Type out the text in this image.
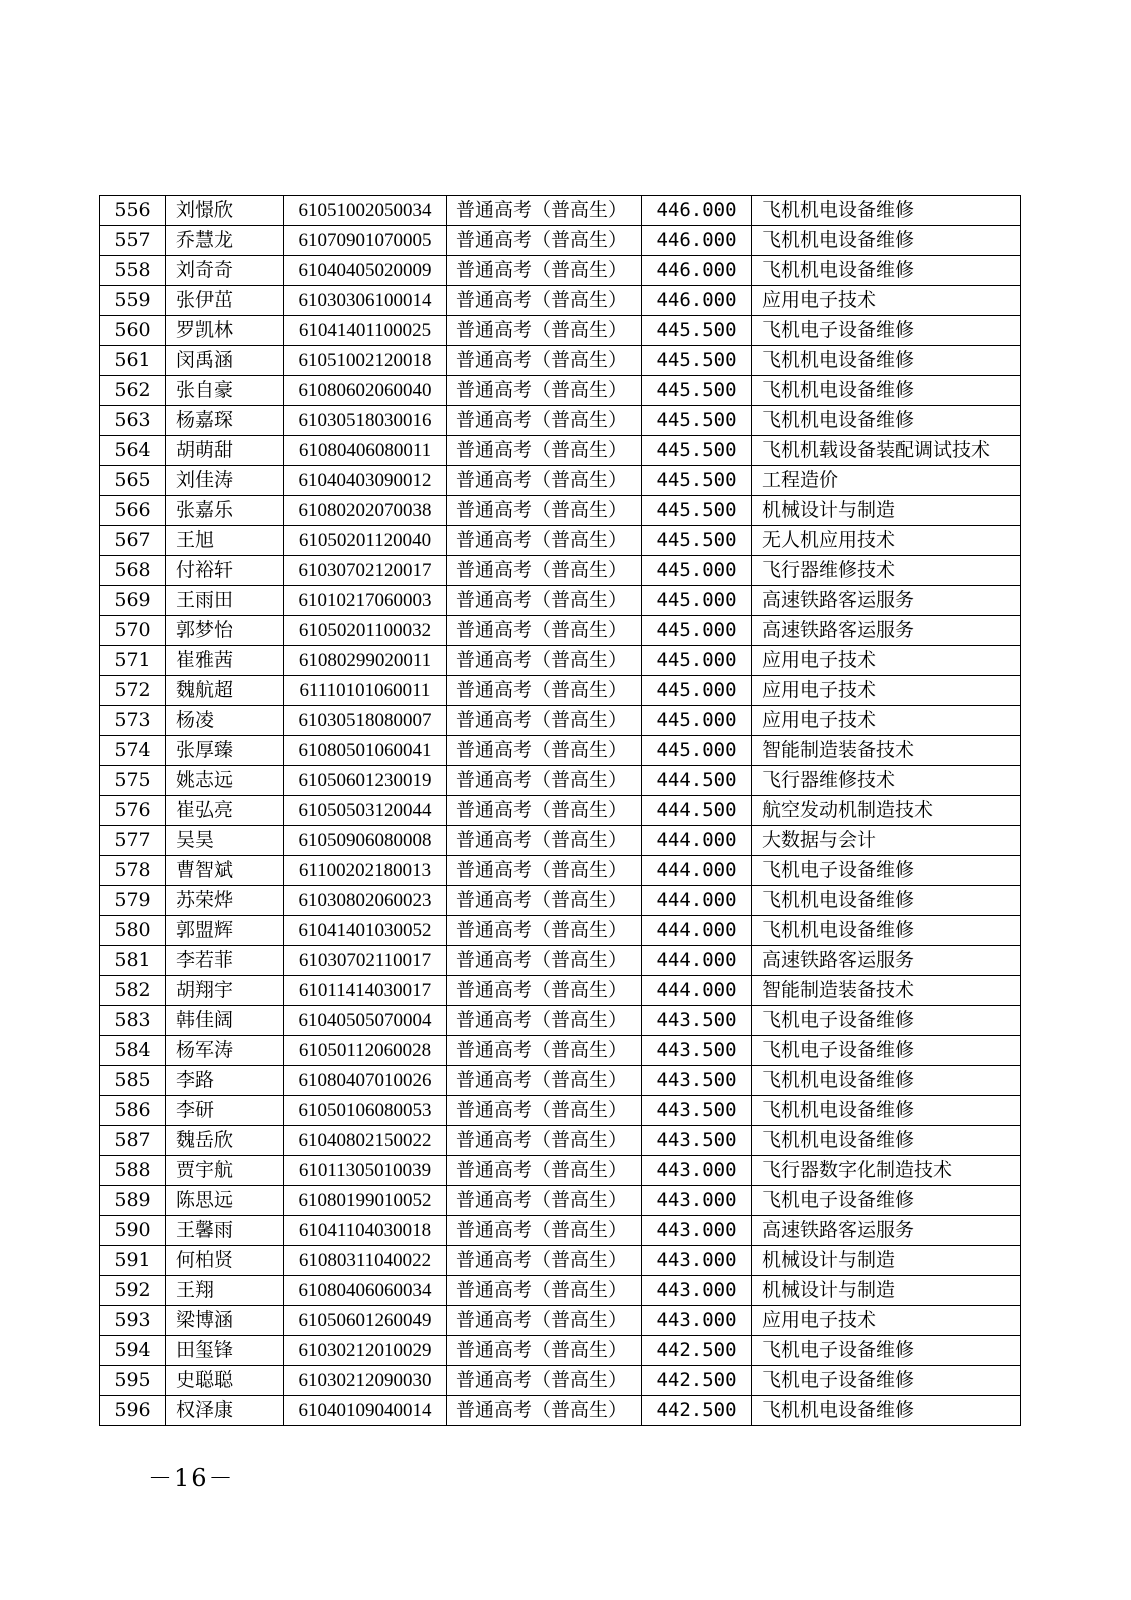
556	刘憬欣	61051002050034	普通高考（普高生）	446.000	飞机机电设备维修
557	乔慧龙	61070901070005	普通高考（普高生）	446.000	飞机机电设备维修
558	刘奇奇	61040405020009	普通高考（普高生）	446.000	飞机机电设备维修
559	张伊茁	61030306100014	普通高考（普高生）	446.000	应用电子技术
560	罗凯林	61041401100025	普通高考（普高生）	445.500	飞机电子设备维修
561	闵禹涵	61051002120018	普通高考（普高生）	445.500	飞机机电设备维修
562	张自豪	61080602060040	普通高考（普高生）	445.500	飞机机电设备维修
563	杨嘉琛	61030518030016	普通高考（普高生）	445.500	飞机机电设备维修
564	胡萌甜	61080406080011	普通高考（普高生）	445.500	飞机机载设备装配调试技术
565	刘佳涛	61040403090012	普通高考（普高生）	445.500	工程造价
566	张嘉乐	61080202070038	普通高考（普高生）	445.500	机械设计与制造
567	王旭	61050201120040	普通高考（普高生）	445.500	无人机应用技术
568	付裕轩	61030702120017	普通高考（普高生）	445.000	飞行器维修技术
569	王雨田	61010217060003	普通高考（普高生）	445.000	高速铁路客运服务
570	郭梦怡	61050201100032	普通高考（普高生）	445.000	高速铁路客运服务
571	崔雅茜	61080299020011	普通高考（普高生）	445.000	应用电子技术
572	魏航超	61110101060011	普通高考（普高生）	445.000	应用电子技术
573	杨凌	61030518080007	普通高考（普高生）	445.000	应用电子技术
574	张厚臻	61080501060041	普通高考（普高生）	445.000	智能制造装备技术
575	姚志远	61050601230019	普通高考（普高生）	444.500	飞行器维修技术
576	崔弘亮	61050503120044	普通高考（普高生）	444.500	航空发动机制造技术
577	吴昊	61050906080008	普通高考（普高生）	444.000	大数据与会计
578	曹智斌	61100202180013	普通高考（普高生）	444.000	飞机电子设备维修
579	苏荣烨	61030802060023	普通高考（普高生）	444.000	飞机机电设备维修
580	郭盟辉	61041401030052	普通高考（普高生）	444.000	飞机机电设备维修
581	李若菲	61030702110017	普通高考（普高生）	444.000	高速铁路客运服务
582	胡翔宇	61011414030017	普通高考（普高生）	444.000	智能制造装备技术
583	韩佳阔	61040505070004	普通高考（普高生）	443.500	飞机电子设备维修
584	杨军涛	61050112060028	普通高考（普高生）	443.500	飞机电子设备维修
585	李路	61080407010026	普通高考（普高生）	443.500	飞机机电设备维修
586	李研	61050106080053	普通高考（普高生）	443.500	飞机机电设备维修
587	魏岳欣	61040802150022	普通高考（普高生）	443.500	飞机机电设备维修
588	贾宇航	61011305010039	普通高考（普高生）	443.000	飞行器数字化制造技术
589	陈思远	61080199010052	普通高考（普高生）	443.000	飞机电子设备维修
590	王馨雨	61041104030018	普通高考（普高生）	443.000	高速铁路客运服务
591	何柏贤	61080311040022	普通高考（普高生）	443.000	机械设计与制造
592	王翔	61080406060034	普通高考（普高生）	443.000	机械设计与制造
593	梁博涵	61050601260049	普通高考（普高生）	443.000	应用电子技术
594	田玺锋	61030212010029	普通高考（普高生）	442.500	飞机电子设备维修
595	史聪聪	61030212090030	普通高考（普高生）	442.500	飞机电子设备维修
596	权泽康	61040109040014	普通高考（普高生）	442.500	飞机机电设备维修
－16－
